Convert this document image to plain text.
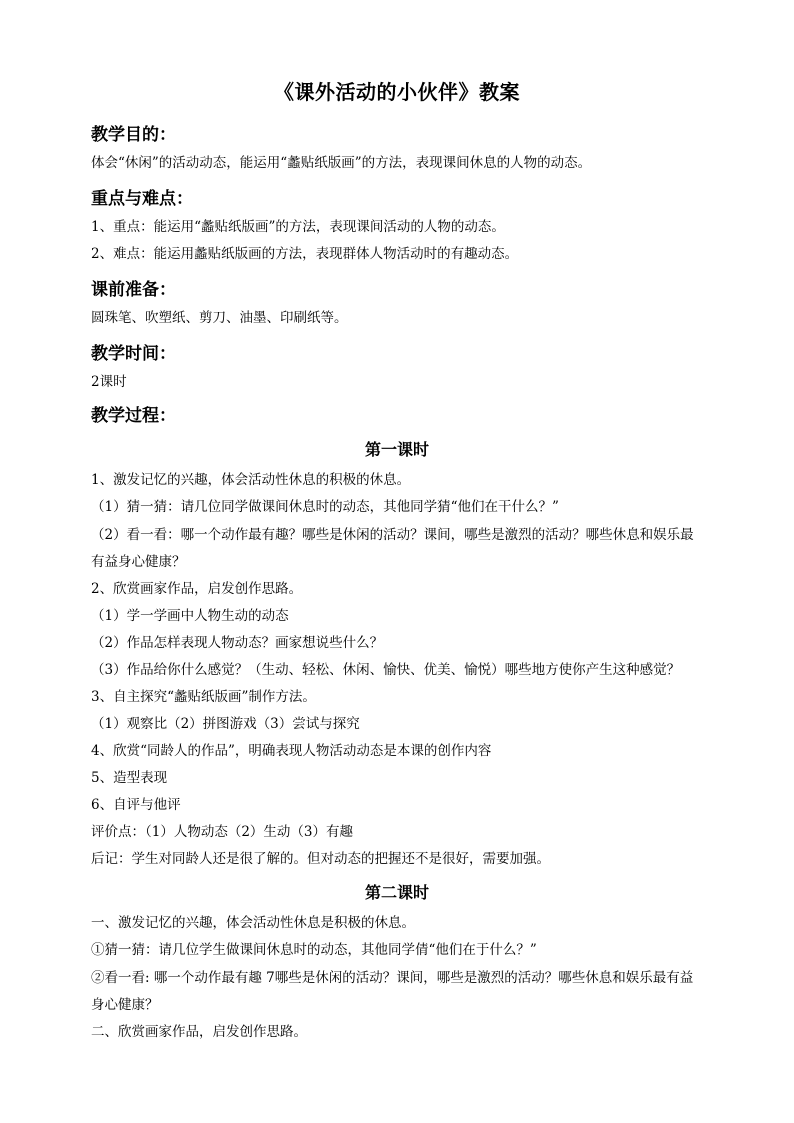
《课外活动的小伙伴》教案
教学目的：
体会“休闲”的活动动态，能运用“蠡贴纸版画”的方法，表现课间休息的人物的动态。
重点与难点：
1、重点：能运用“蠡贴纸版画”的方法，表现课间活动的人物的动态。
2、难点：能运用蠡贴纸版画的方法，表现群体人物活动时的有趣动态。
课前准备：
圆珠笔、吹塑纸、剪刀、油墨、印刷纸等。
教学时间：
2课时
教学过程：
第一课时
1、激发记忆的兴趣，体会活动性休息的积极的休息。
（1）猜一猜：请几位同学做课间休息时的动态，其他同学猜“他们在干什么？”
（2）看一看：哪一个动作最有趣？哪些是休闲的活动？课间，哪些是激烈的活动？哪些休息和娱乐最
有益身心健康？
2、欣赏画家作品，启发创作思路。
（1）学一学画中人物生动的动态
（2）作品怎样表现人物动态？画家想说些什么？
（3）作品给你什么感觉？（生动、轻松、休闲、愉快、优美、愉悦）哪些地方使你产生这种感觉？
3、自主探究“蠡贴纸版画”制作方法。
（1）观察比（2）拼图游戏（3）尝试与探究
4、欣赏“同龄人的作品”，明确表现人物活动动态是本课的创作内容
5、造型表现
6、自评与他评
评价点：（1）人物动态（2）生动（3）有趣
后记：学生对同龄人还是很了解的。但对动态的把握还不是很好，需要加强。
第二课时
一、激发记忆的兴趣，体会活动性休息是积极的休息。
①猜一猜：请几位学生做课间休息时的动态，其他同学倩“他们在于什么？”
②看一看: 哪一个动作最有趣 7哪些是休闲的活动？课间，哪些是激烈的活动？哪些休息和娱乐最有益
身心健康？
二、欣赏画家作品，启发创作思路。
